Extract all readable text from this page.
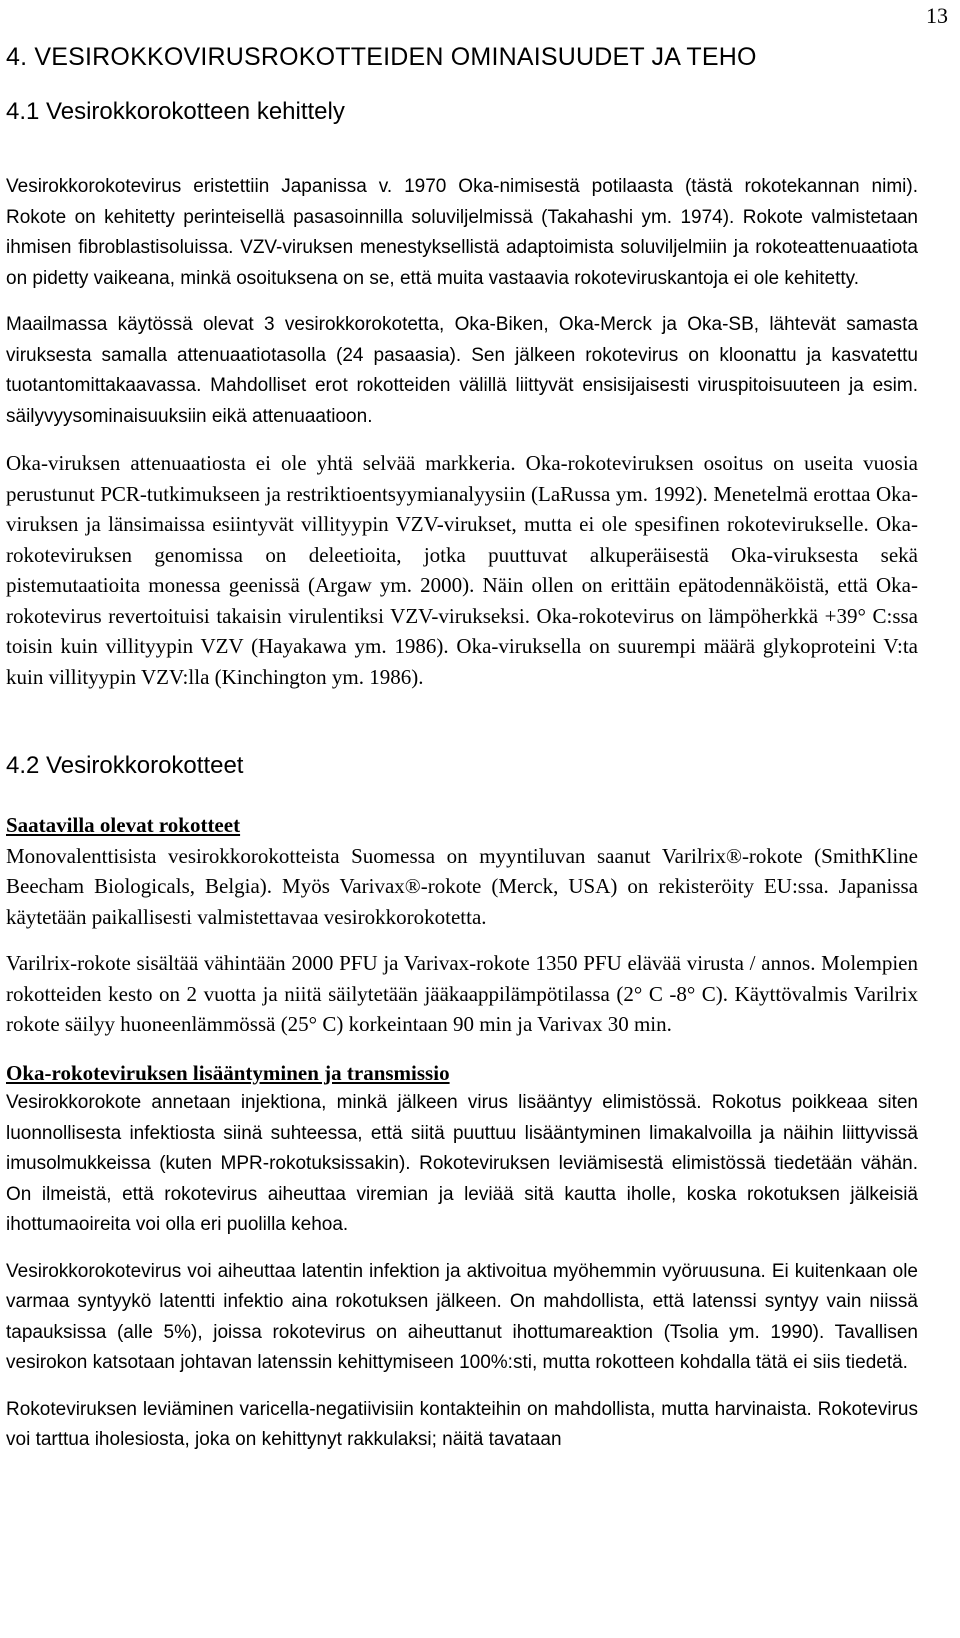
13
4. VESIROKKOVIRUSROKOTTEIDEN OMINAISUUDET JA TEHO
4.1 Vesirokkorokotteen kehittely

Vesirokkorokotevirus eristettiin Japanissa v. 1970 Oka-nimisestä potilaasta (tästä rokotekannan nimi). Rokote on kehitetty perinteisellä pasasoinnilla soluviljelmissä (Takahashi ym. 1974). Rokote valmistetaan ihmisen fibroblastisoluissa. VZV-viruksen menestyksellistä adaptoimista soluviljelmiin ja rokoteattenuaatiota on pidetty vaikeana, minkä osoituksena on se, että muita vastaavia rokoteviruskantoja ei ole kehitetty.

Maailmassa käytössä olevat 3 vesirokkorokotetta, Oka-Biken, Oka-Merck ja Oka-SB, lähtevät samasta viruksesta samalla attenuaatiotasolla (24 pasaasia). Sen jälkeen rokotevirus on kloonattu ja kasvatettu tuotantomittakaavassa. Mahdolliset erot rokotteiden välillä liittyvät ensisijaisesti viruspitoisuuteen ja esim. säilyvyysominaisuuksiin eikä attenuaatioon.

Oka-viruksen attenuaatiosta ei ole yhtä selvää markkeria. Oka-rokoteviruksen osoitus on useita vuosia perustunut PCR-tutkimukseen ja restriktioentsyymianalyysiin (LaRussa ym. 1992). Menetelmä erottaa Oka-viruksen ja länsimaissa esiintyvät villityypin VZV-virukset, mutta ei ole spesifinen rokotevirukselle. Oka-rokoteviruksen genomissa on deleetioita, jotka puuttuvat alkuperäisestä Oka-viruksesta sekä pistemutaatioita monessa geenissä (Argaw ym. 2000). Näin ollen on erittäin epätodennäköistä, että Oka-rokotevirus revertoituisi takaisin virulentiksi VZV-virukseksi. Oka-rokotevirus on lämpöherkkä +39° C:ssa toisin kuin villityypin VZV (Hayakawa ym. 1986). Oka-viruksella on suurempi määrä glykoproteini V:ta kuin villityypin VZV:lla (Kinchington ym. 1986).

4.2 Vesirokkorokotteet
Saatavilla olevat rokotteet

Monovalenttisista vesirokkorokotteista Suomessa on myyntiluvan saanut Varilrix®-rokote (SmithKline Beecham Biologicals, Belgia). Myös Varivax®-rokote (Merck, USA) on rekisteröity EU:ssa. Japanissa käytetään paikallisesti valmistettavaa vesirokkorokotetta.

Varilrix-rokote sisältää vähintään 2000 PFU ja Varivax-rokote 1350 PFU elävää virusta / annos. Molempien rokotteiden kesto on 2 vuotta ja niitä säilytetään jääkaappilämpötilassa (2° C -8° C). Käyttövalmis Varilrix rokote säilyy huoneenlämmössä (25° C) korkeintaan 90 min ja Varivax 30 min.

Oka-rokoteviruksen lisääntyminen ja transmissio

Vesirokkorokote annetaan injektiona, minkä jälkeen virus lisääntyy elimistössä. Rokotus poikkeaa siten luonnollisesta infektiosta siinä suhteessa, että siitä puuttuu lisääntyminen limakalvoilla ja näihin liittyvissä imusolmukkeissa (kuten MPR-rokotuksissakin). Rokoteviruksen leviämisestä elimistössä tiedetään vähän. On ilmeistä, että rokotevirus aiheuttaa viremian ja leviää sitä kautta iholle, koska rokotuksen jälkeisiä ihottumaoireita voi olla eri puolilla kehoa.

Vesirokkorokotevirus voi aiheuttaa latentin infektion ja aktivoitua myöhemmin vyöruusuna. Ei kuitenkaan ole varmaa syntyykö latentti infektio aina rokotuksen jälkeen. On mahdollista, että latenssi syntyy vain niissä tapauksissa (alle 5%), joissa rokotevirus on aiheuttanut ihottumareaktion (Tsolia ym. 1990). Tavallisen vesirokon katsotaan johtavan latenssin kehittymiseen 100%:sti, mutta rokotteen kohdalla tätä ei siis tiedetä.

Rokoteviruksen leviäminen varicella-negatiivisiin kontakteihin on mahdollista, mutta harvinaista. Rokotevirus voi tarttua iholesiosta, joka on kehittynyt rakkulaksi; näitä tavataan
